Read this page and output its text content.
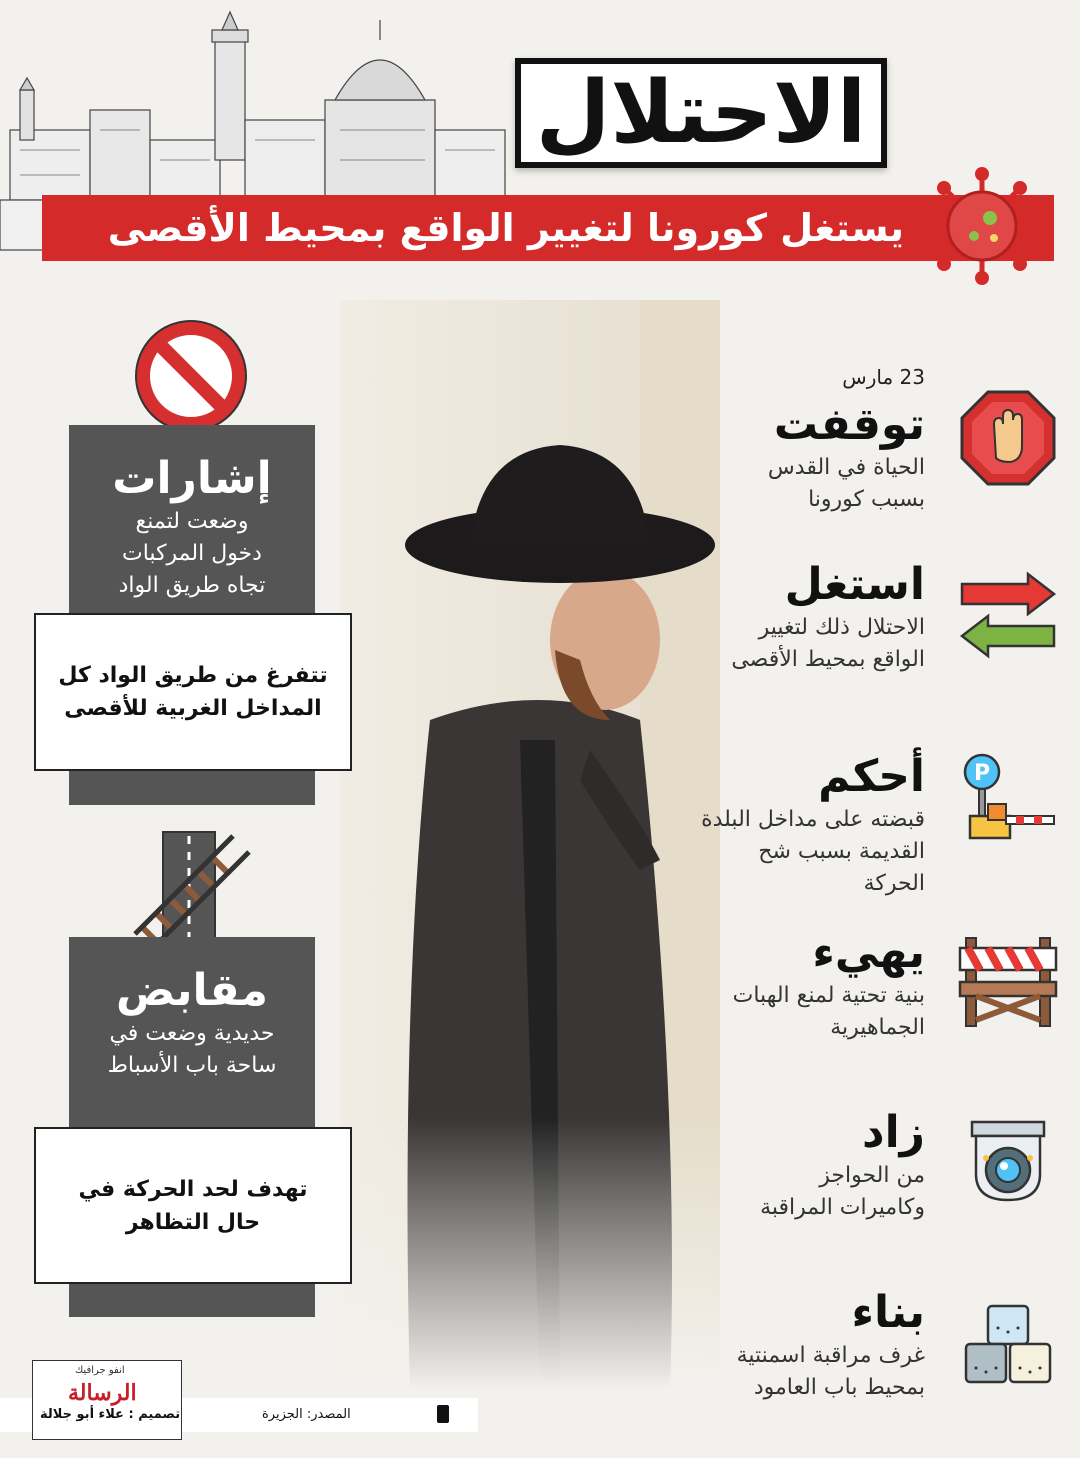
الاحتلال
يستغل كورونا لتغيير الواقع بمحيط الأقصى
23 مارس
توقفت
الحياة في القدس بسبب كورونا
استغل
الاحتلال ذلك لتغيير الواقع بمحيط الأقصى
أحكم
قبضته على مداخل البلدة القديمة بسبب شح الحركة
P
يهيء
بنية تحتية لمنع الهبات الجماهيرية
زاد
من الحواجز وكاميرات المراقبة
بناء
غرف مراقبة اسمنتية بمحيط باب العامود
إشارات
وضعت لتمنع دخول المركبات تجاه طريق الواد
تتفرغ من طريق الواد كل المداخل الغربية للأقصى
مقابض
حديدية وضعت في ساحة باب الأسباط
تهدف لحد الحركة في حال التظاهر
انفو جرافيك
الرسالة
تصميم : علاء أبو جلالة	المصدر: الجزيرة
